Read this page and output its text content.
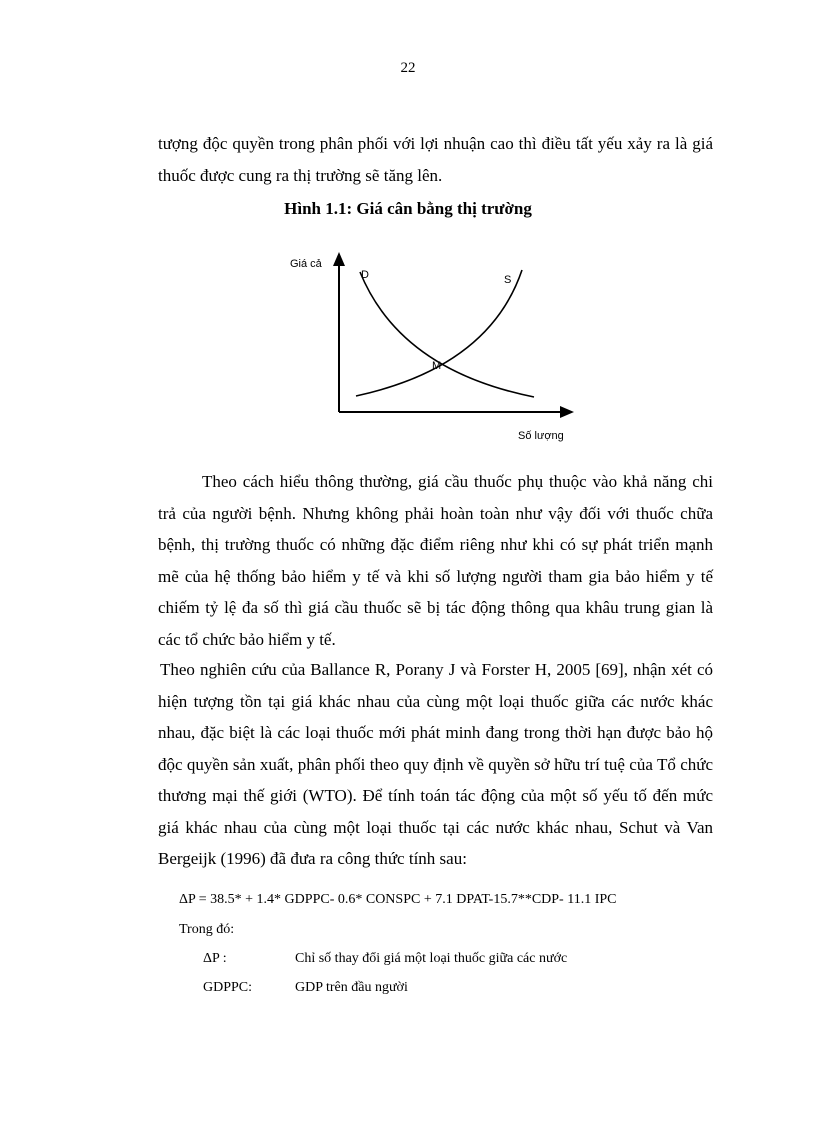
22

tượng độc quyền trong phân phối với lợi nhuận cao thì điều tất yếu xảy ra là giá thuốc được cung ra thị trường sẽ tăng lên.

Hình 1.1: Giá cân bằng thị trường
Giá cả
Số lượng
D	S
M

Theo cách hiểu thông thường, giá cầu thuốc phụ thuộc vào khả năng chi trả của người bệnh. Nhưng không phải hoàn toàn như vậy đối với thuốc chữa bệnh, thị trường thuốc có những đặc điểm riêng như khi có sự phát triển mạnh mẽ của hệ thống bảo hiểm y tế và khi số lượng người tham gia bảo hiểm y tế chiếm tỷ lệ đa số thì giá cầu thuốc sẽ bị tác động thông qua khâu trung gian là các tổ chức bảo hiểm y tế.

Theo nghiên cứu của Ballance R, Porany J và Forster H, 2005 [69], nhận xét có hiện tượng tồn tại giá khác nhau của cùng một loại thuốc giữa các nước khác nhau, đặc biệt là các loại thuốc mới phát minh đang trong thời hạn được bảo hộ độc quyền sản xuất, phân phối theo quy định về quyền sở hữu trí tuệ của Tổ chức thương mại thế giới (WTO). Để tính toán tác động của một số yếu tố đến mức giá khác nhau của cùng một loại thuốc tại các nước khác nhau, Schut và Van Bergeijk (1996) đã đưa ra công thức tính sau:

ΔP = 38.5* + 1.4* GDPPC- 0.6* CONSPC + 7.1 DPAT-15.7**CDP- 11.1 IPC
Trong đó:
ΔP :	Chỉ số thay đổi giá một loại thuốc giữa các nước
GDPPC:	GDP trên đầu người
